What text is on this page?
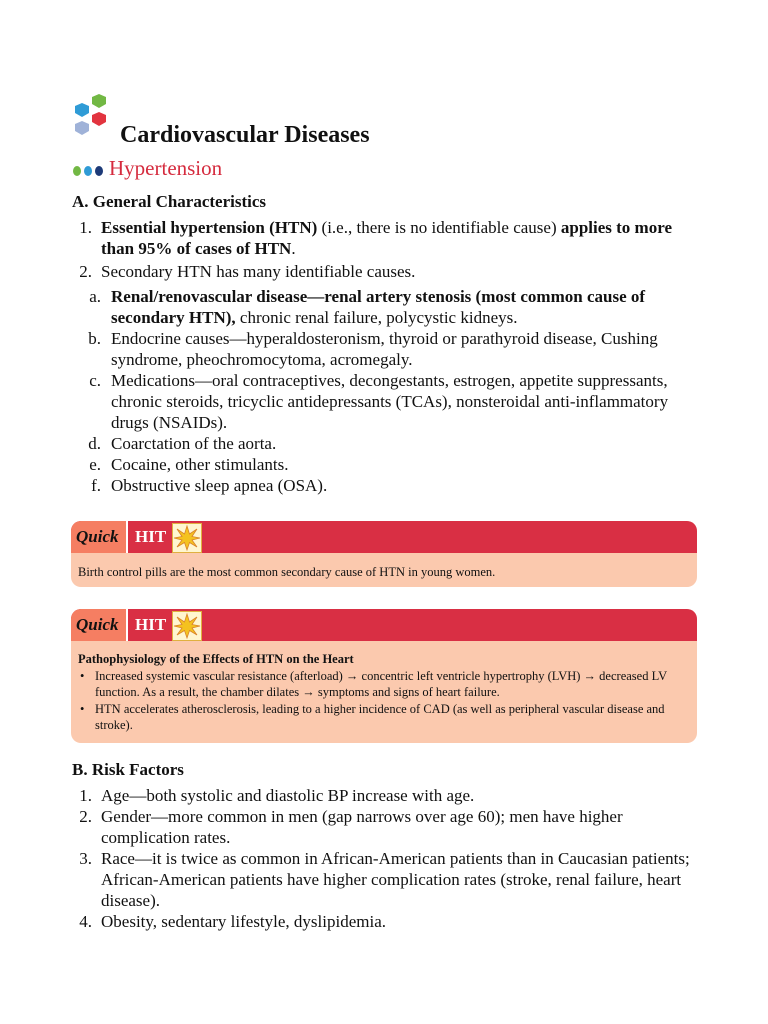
Cardiovascular Diseases
Hypertension
A. General Characteristics
1. Essential hypertension (HTN) (i.e., there is no identifiable cause) applies to more than 95% of cases of HTN.
2. Secondary HTN has many identifiable causes.
a. Renal/renovascular disease—renal artery stenosis (most common cause of secondary HTN), chronic renal failure, polycystic kidneys.
b. Endocrine causes—hyperaldosteronism, thyroid or parathyroid disease, Cushing syndrome, pheochromocytoma, acromegaly.
c. Medications—oral contraceptives, decongestants, estrogen, appetite suppressants, chronic steroids, tricyclic antidepressants (TCAs), nonsteroidal anti-inflammatory drugs (NSAIDs).
d. Coarctation of the aorta.
e. Cocaine, other stimulants.
f. Obstructive sleep apnea (OSA).
Quick HIT
Birth control pills are the most common secondary cause of HTN in young women.
Quick HIT
Pathophysiology of the Effects of HTN on the Heart
• Increased systemic vascular resistance (afterload) → concentric left ventricle hypertrophy (LVH) → decreased LV function. As a result, the chamber dilates → symptoms and signs of heart failure.
• HTN accelerates atherosclerosis, leading to a higher incidence of CAD (as well as peripheral vascular disease and stroke).
B. Risk Factors
1. Age—both systolic and diastolic BP increase with age.
2. Gender—more common in men (gap narrows over age 60); men have higher complication rates.
3. Race—it is twice as common in African-American patients than in Caucasian patients; African-American patients have higher complication rates (stroke, renal failure, heart disease).
4. Obesity, sedentary lifestyle, dyslipidemia.
